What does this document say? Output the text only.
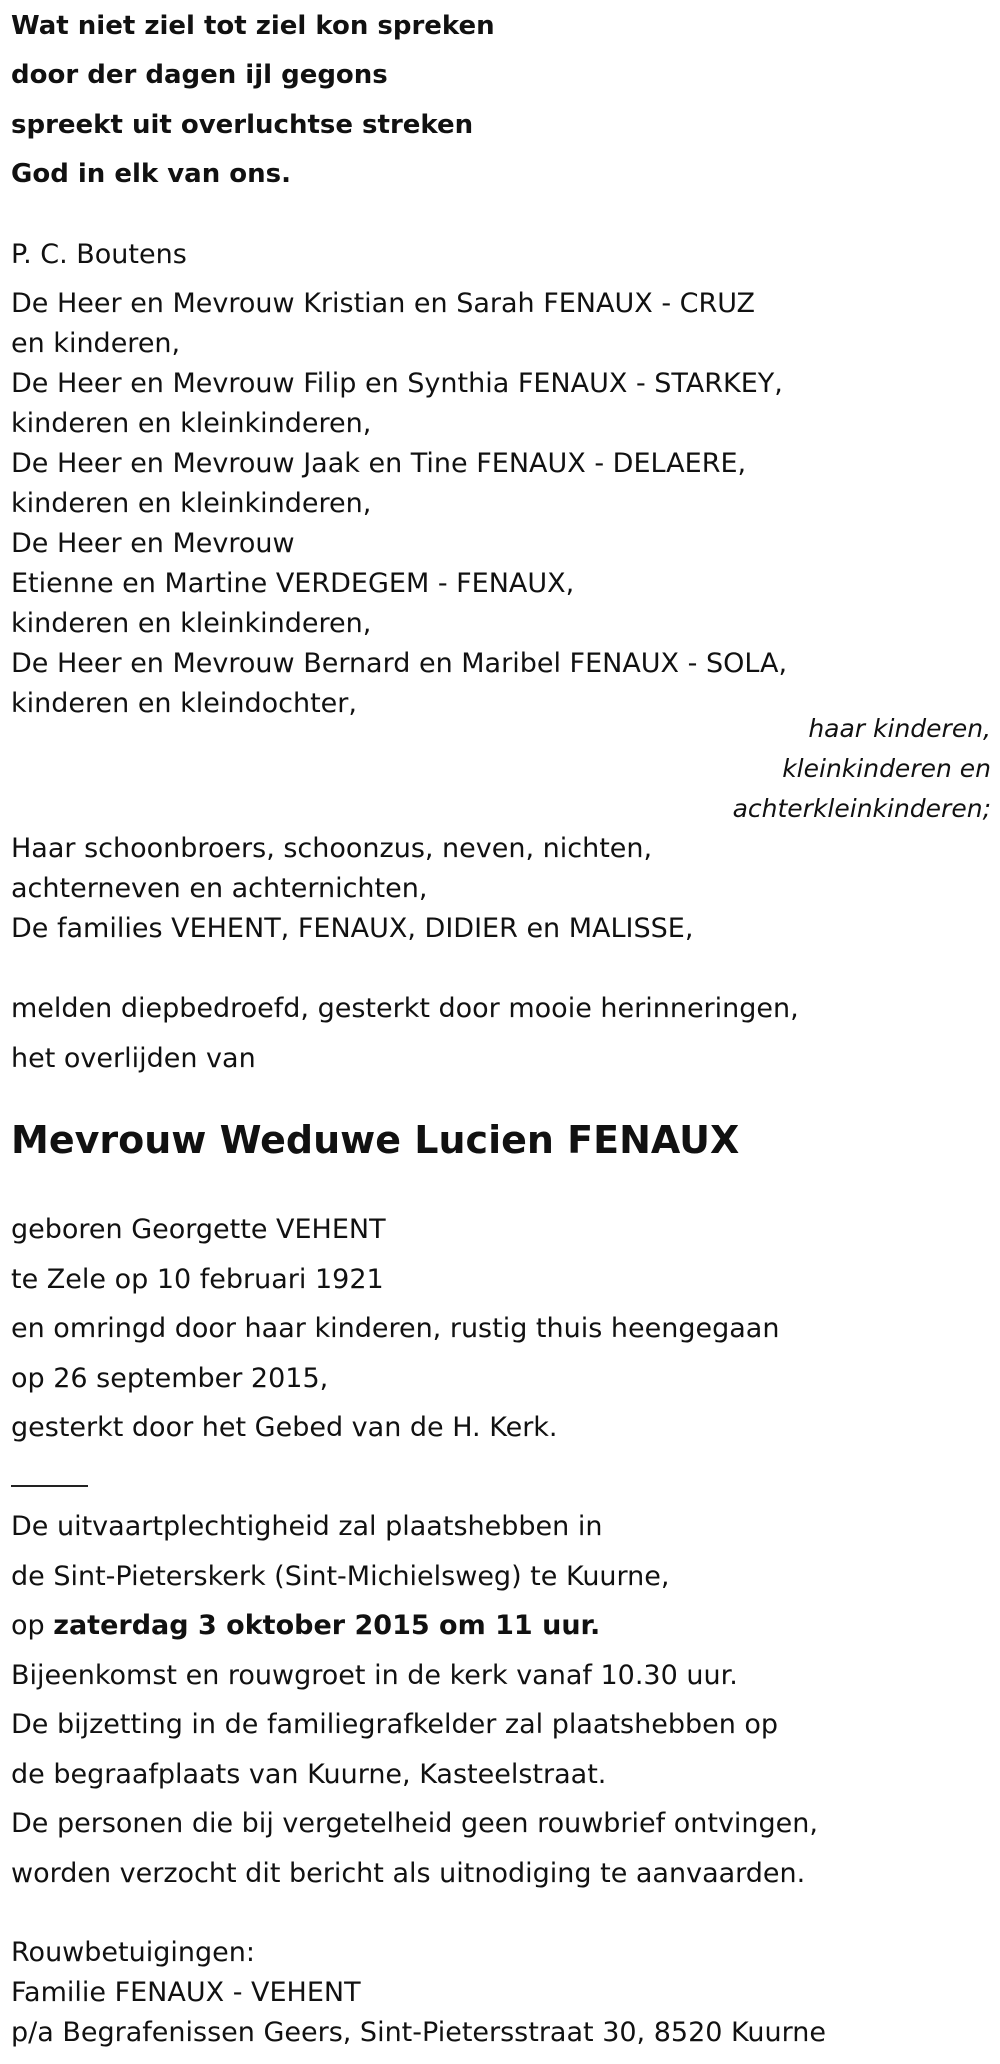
Wat niet ziel tot ziel kon spreken
door der dagen ijl gegons
spreekt uit overluchtse streken
God in elk van ons.
P. C. Boutens
De Heer en Mevrouw Kristian en Sarah FENAUX - CRUZ
en kinderen,
De Heer en Mevrouw Filip en Synthia FENAUX - STARKEY,
kinderen en kleinkinderen,
De Heer en Mevrouw Jaak en Tine FENAUX - DELAERE,
kinderen en kleinkinderen,
De Heer en Mevrouw
Etienne en Martine VERDEGEM - FENAUX,
kinderen en kleinkinderen,
De Heer en Mevrouw Bernard en Maribel FENAUX - SOLA,
kinderen en kleindochter,
haar kinderen,
kleinkinderen en
achterkleinkinderen;
Haar schoonbroers, schoonzus, neven, nichten,
achterneven en achternichten,
De families VEHENT, FENAUX, DIDIER en MALISSE,
melden diepbedroefd, gesterkt door mooie herinneringen,
het overlijden van
Mevrouw Weduwe Lucien FENAUX
geboren Georgette VEHENT
te Zele op 10 februari 1921
en omringd door haar kinderen, rustig thuis heengegaan
op 26 september 2015,
gesterkt door het Gebed van de H. Kerk.
De uitvaartplechtigheid zal plaatshebben in
de Sint-Pieterskerk (Sint-Michielsweg) te Kuurne,
op zaterdag 3 oktober 2015 om 11 uur.
Bijeenkomst en rouwgroet in de kerk vanaf 10.30 uur.
De bijzetting in de familiegrafkelder zal plaatshebben op
de begraafplaats van Kuurne, Kasteelstraat.
De personen die bij vergetelheid geen rouwbrief ontvingen,
worden verzocht dit bericht als uitnodiging te aanvaarden.
Rouwbetuigingen:
Familie FENAUX - VEHENT
p/a Begrafenissen Geers, Sint-Pietersstraat 30, 8520 Kuurne
